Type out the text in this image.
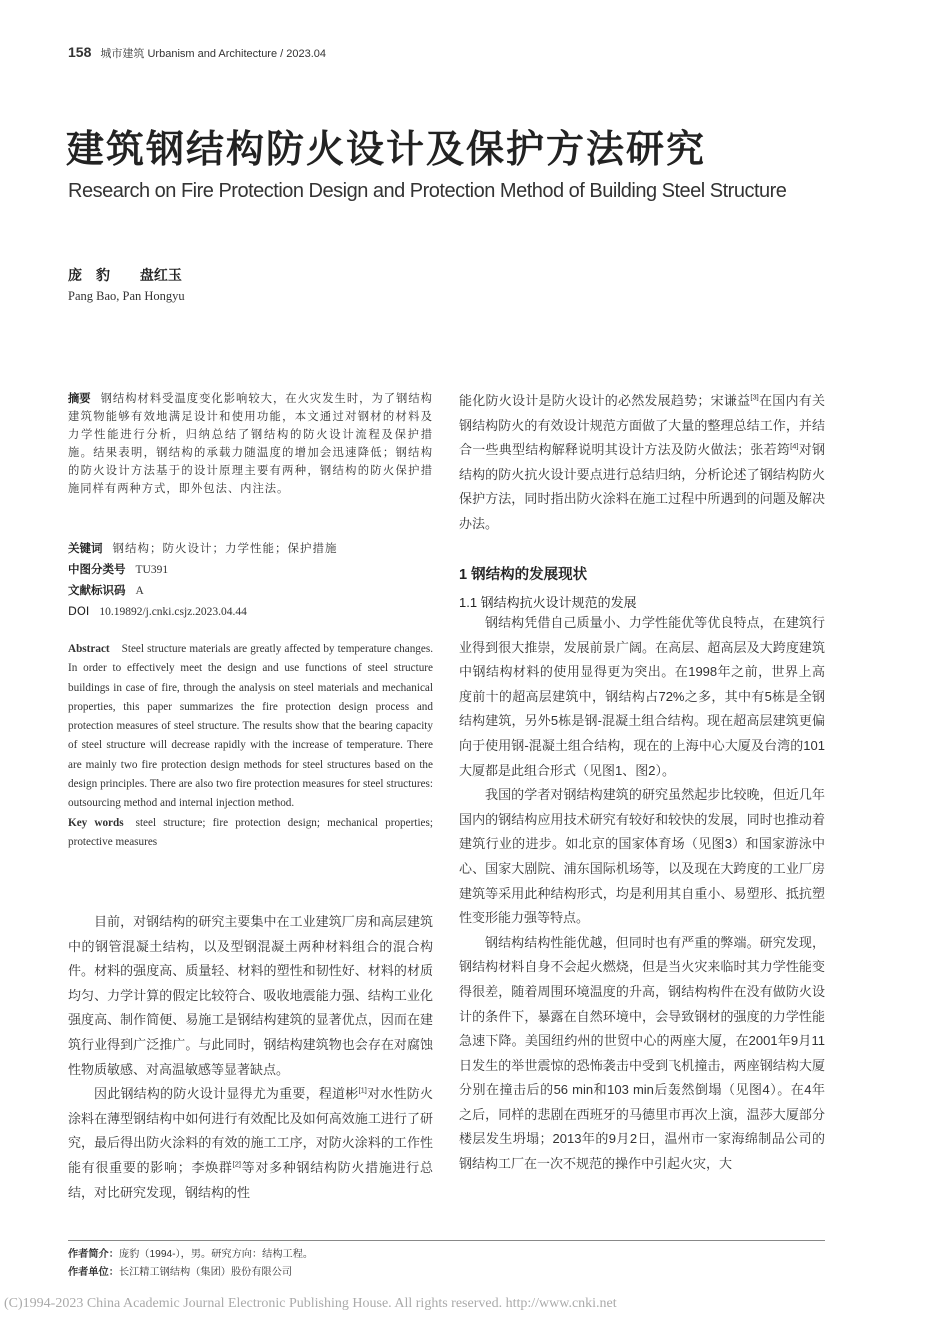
158 城市建筑 Urbanism and Architecture / 2023.04
建筑钢结构防火设计及保护方法研究
Research on Fire Protection Design and Protection Method of Building Steel Structure
庞豹 盘红玉
Pang Bao, Pan Hongyu
摘要 钢结构材料受温度变化影响较大，在火灾发生时，为了钢结构建筑物能够有效地满足设计和使用功能，本文通过对钢材的材料及力学性能进行分析，归纳总结了钢结构的防火设计流程及保护措施。结果表明，钢结构的承载力随温度的增加会迅速降低；钢结构的防火设计方法基于的设计原理主要有两种，钢结构的防火保护措施同样有两种方式，即外包法、内注法。
关键词 钢结构；防火设计；力学性能；保护措施
中图分类号 TU391
文献标识码 A
DOI 10.19892/j.cnki.csjz.2023.04.44
Abstract Steel structure materials are greatly affected by temperature changes. In order to effectively meet the design and use functions of steel structure buildings in case of fire, through the analysis on steel materials and mechanical properties, this paper summarizes the fire protection design process and protection measures of steel structure. The results show that the bearing capacity of steel structure will decrease rapidly with the increase of temperature. There are mainly two fire protection design methods for steel structures based on the design principles. There are also two fire protection measures for steel structures: outsourcing method and internal injection method.
Key words steel structure; fire protection design; mechanical properties; protective measures

目前，对钢结构的研究主要集中在工业建筑厂房和高层建筑中的钢管混凝土结构，以及型钢混凝土两种材料组合的混合构件。材料的强度高、质量轻、材料的塑性和韧性好、材料的材质均匀、力学计算的假定比较符合、吸收地震能力强、结构工业化强度高、制作简便、易施工是钢结构建筑的显著优点，因而在建筑行业得到广泛推广。与此同时，钢结构建筑物也会存在对腐蚀性物质敏感、对高温敏感等显著缺点。

因此钢结构的防火设计显得尤为重要，程道彬[1]对水性防火涂料在薄型钢结构中如何进行有效配比及如何高效施工进行了研究，最后得出防火涂料的有效的施工工序，对防火涂料的工作性能有很重要的影响；李焕群[2]等对多种钢结构防火措施进行总结，对比研究发现，钢结构的性

能化防火设计是防火设计的必然发展趋势；宋谦益[3]在国内有关钢结构防火的有效设计规范方面做了大量的整理总结工作，并结合一些典型结构解释说明其设计方法及防火做法；张若筠[4]对钢结构的防火抗火设计要点进行总结归纳，分析论述了钢结构防火保护方法，同时指出防火涂料在施工过程中所遇到的问题及解决办法。

1 钢结构的发展现状
1.1 钢结构抗火设计规范的发展

钢结构凭借自己质量小、力学性能优等优良特点，在建筑行业得到很大推崇，发展前景广阔。在高层、超高层及大跨度建筑中钢结构材料的使用显得更为突出。在1998年之前，世界上高度前十的超高层建筑中，钢结构占72%之多，其中有5栋是全钢结构建筑，另外5栋是钢-混凝土组合结构。现在超高层建筑更偏向于使用钢-混凝土组合结构，现在的上海中心大厦及台湾的101大厦都是此组合形式（见图1、图2）。

我国的学者对钢结构建筑的研究虽然起步比较晚，但近几年国内的钢结构应用技术研究有较好和较快的发展，同时也推动着建筑行业的进步。如北京的国家体育场（见图3）和国家游泳中心、国家大剧院、浦东国际机场等，以及现在大跨度的工业厂房建筑等采用此种结构形式，均是利用其自重小、易塑形、抵抗塑性变形能力强等特点。

钢结构结构性能优越，但同时也有严重的弊端。研究发现，钢结构材料自身不会起火燃烧，但是当火灾来临时其力学性能变得很差，随着周围环境温度的升高，钢结构构件在没有做防火设计的条件下，暴露在自然环境中，会导致钢材的强度的力学性能急速下降。美国纽约州的世贸中心的两座大厦，在2001年9月11日发生的举世震惊的恐怖袭击中受到飞机撞击，两座钢结构大厦分别在撞击后的56 min和103 min后轰然倒塌（见图4）。在4年之后，同样的悲剧在西班牙的马德里市再次上演，温莎大厦部分楼层发生坍塌；2013年的9月2日，温州市一家海绵制品公司的钢结构工厂在一次不规范的操作中引起火灾，大

作者简介：庞豹（1994-），男。研究方向：结构工程。
作者单位：长江精工钢结构（集团）股份有限公司
(C)1994-2023 China Academic Journal Electronic Publishing House. All rights reserved. http://www.cnki.net
